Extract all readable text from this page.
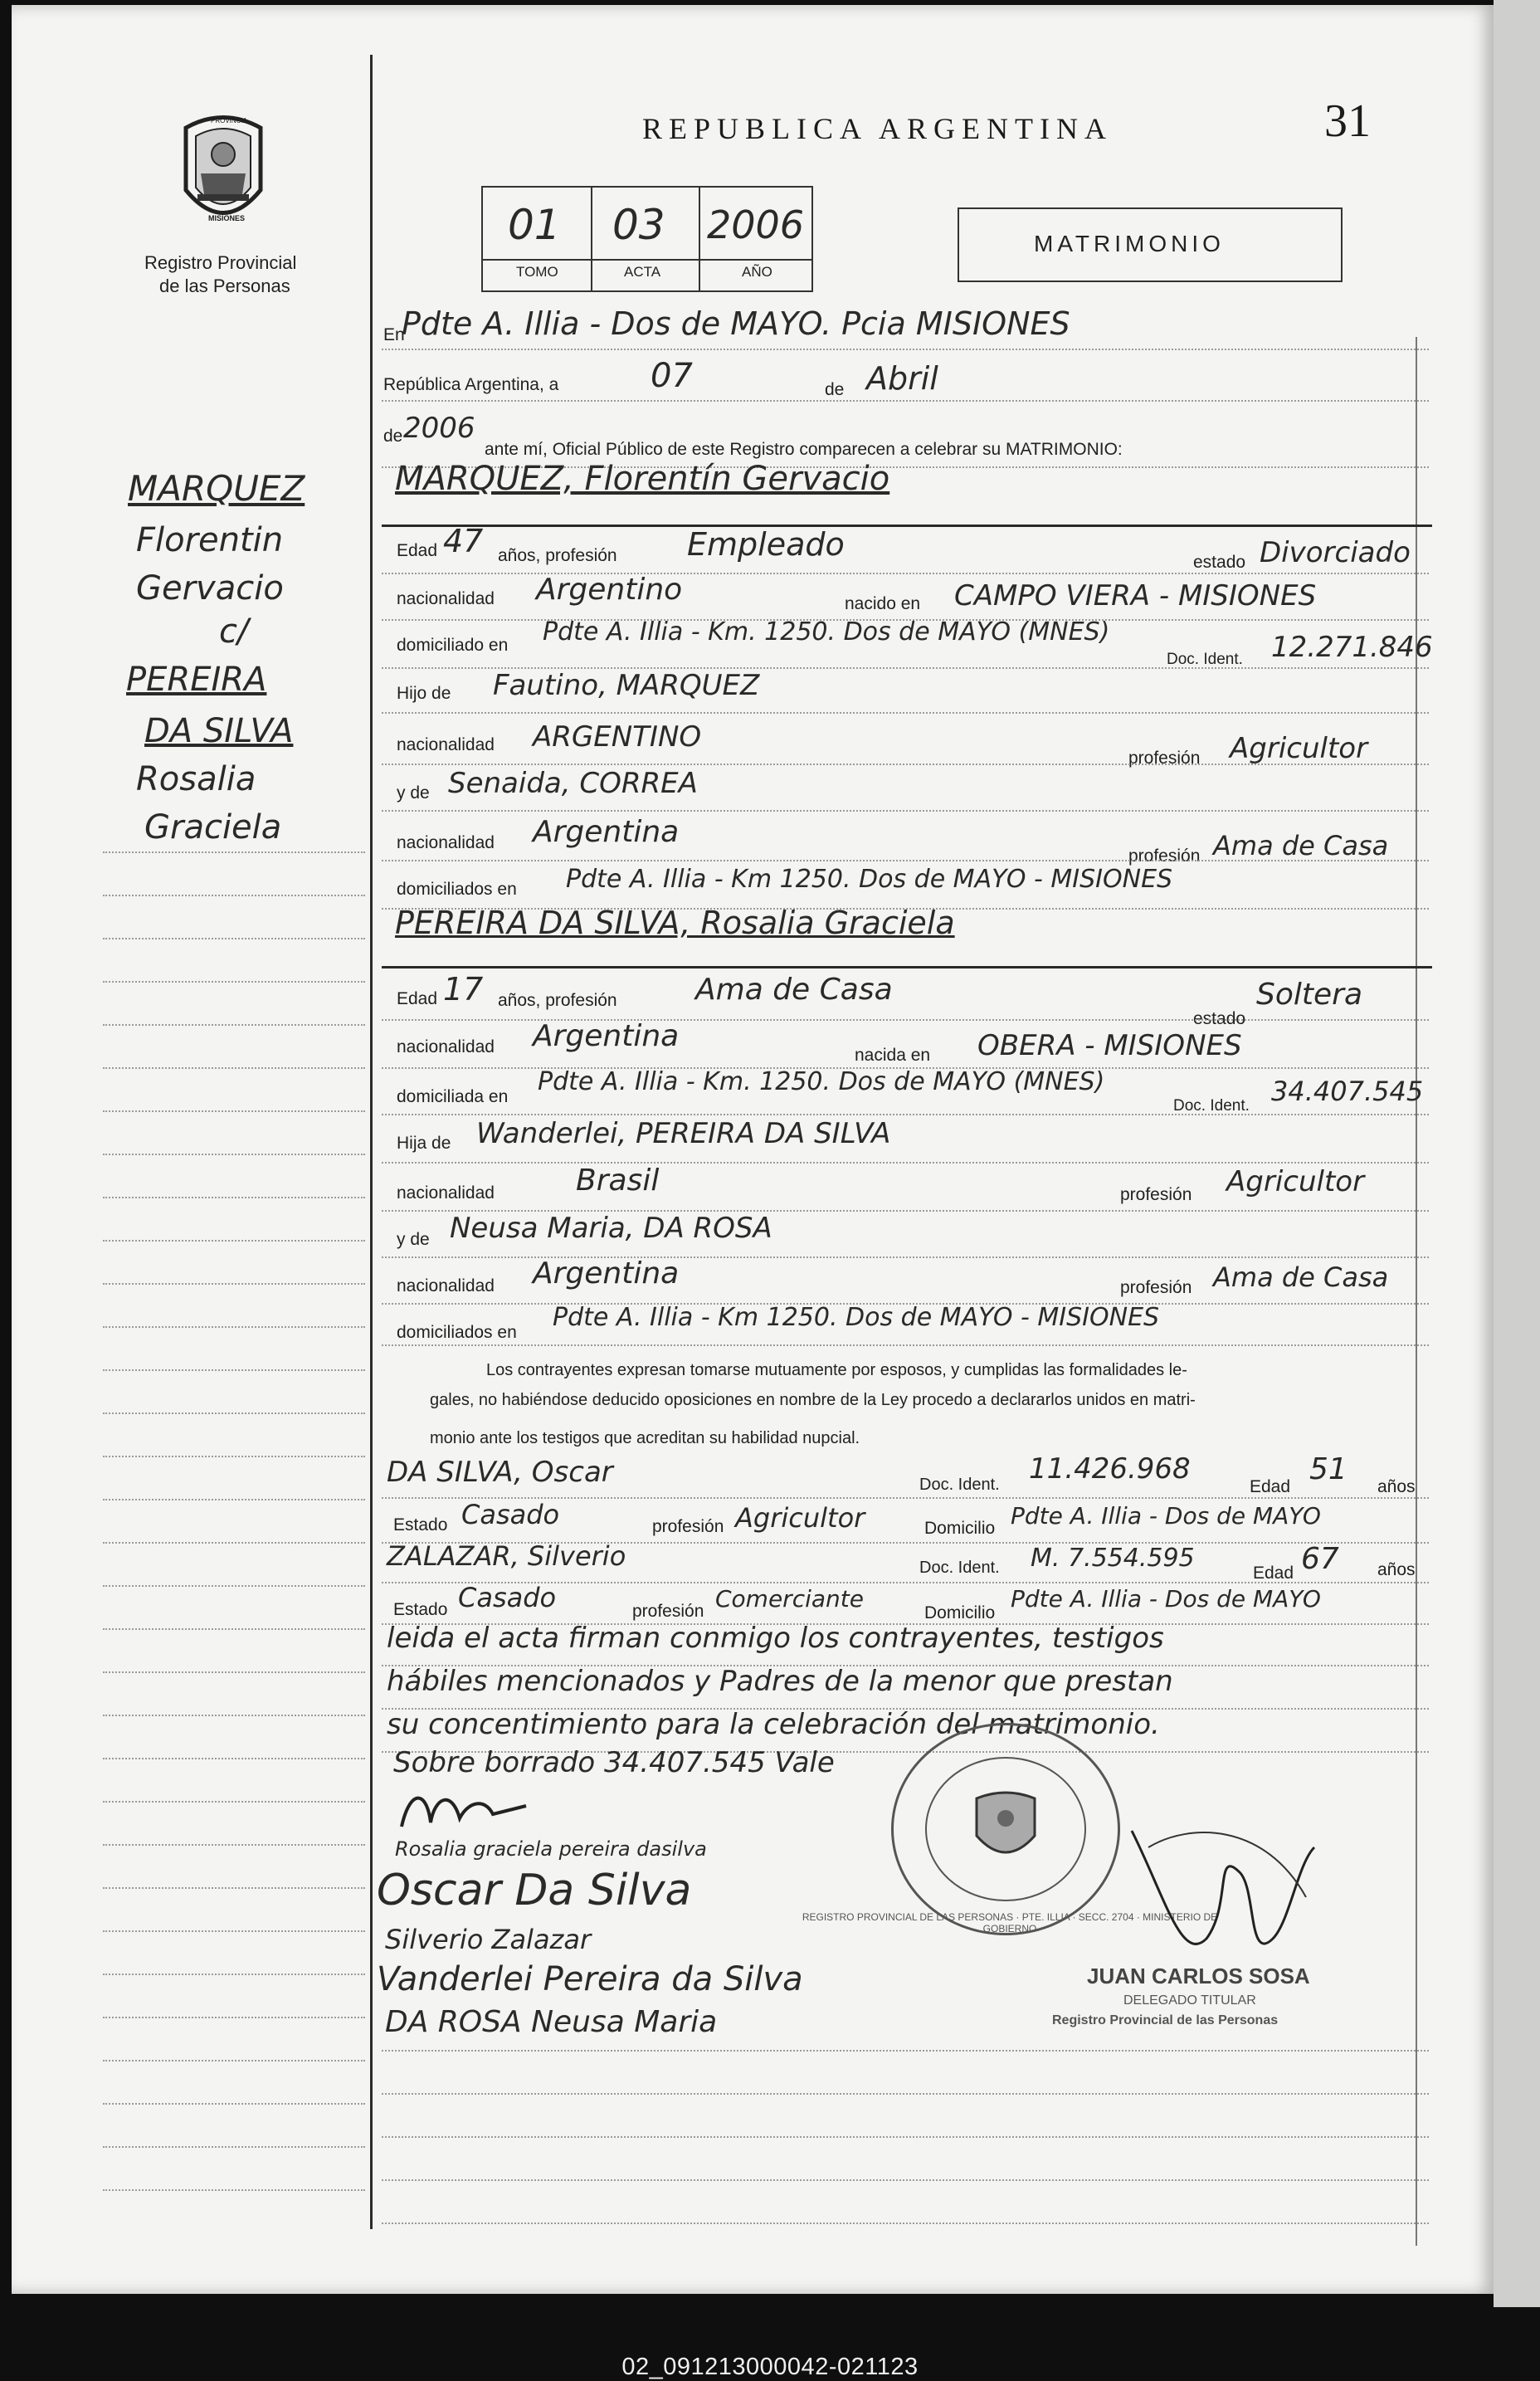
PROVINCIA
MISIONES
Registro Provincial
de las Personas
REPUBLICA ARGENTINA	31
01 03 2006
TOMO	ACTA	AÑO
MATRIMONIO
MARQUEZ
Florentin
Gervacio
c/
PEREIRA
DA SILVA
Rosalia
Graciela
En
Pdte A. Illia - Dos de MAYO. Pcia MISIONES
República Argentina, a	07	de Abril
de 2006
ante mí, Oficial Público de este Registro comparecen a celebrar su MATRIMONIO:
MARQUEZ, Florentín Gervacio
Edad 47 años, profesión Empleado	estado Divorciado
nacionalidad Argentino	nacido en CAMPO VIERA - MISIONES
domiciliado en Pdte A. Illia - Km. 1250. Dos de MAYO (MNES)
Doc. Ident. 12.271.846
Hijo de Fautino, MARQUEZ
nacionalidad ARGENTINO
profesión Agricultor
y de Senaida, CORREA
nacionalidad Argentina
profesión Ama de Casa
domiciliados en Pdte A. Illia - Km 1250. Dos de MAYO - MISIONES
PEREIRA DA SILVA, Rosalia Graciela
Edad 17 años, profesión	Ama de Casa
estado
Soltera
nacionalidad Argentina
nacida en OBERA - MISIONES
domiciliada en
Pdte A. Illia - Km. 1250. Dos de MAYO (MNES)
Doc. Ident. 34.407.545
Hija de Wanderlei, PEREIRA DA SILVA
nacionalidad	Brasil	profesión Agricultor
y de Neusa Maria, DA ROSA
nacionalidad Argentina	profesión Ama de Casa
domiciliados en
Pdte A. Illia - Km 1250. Dos de MAYO - MISIONES
Los contrayentes expresan tomarse mutuamente por esposos, y cumplidas las formalidades le-
gales, no habiéndose deducido oposiciones en nombre de la Ley procedo a declararlos unidos en matri-
monio ante los testigos que acreditan su habilidad nupcial.
DA SILVA, Oscar	Doc. Ident. 11.426.968
Edad
51
años
Estado Casado	profesión Agricultor	Domicilio Pdte A. Illia - Dos de MAYO
ZALAZAR, Silverio	Doc. Ident. M. 7.554.595
Edad 67 años
Estado Casado	profesión Comerciante
Domicilio
Pdte A. Illia - Dos de MAYO
leida el acta firman conmigo los contrayentes, testigos
hábiles mencionados y Padres de la menor que prestan
su concentimiento para la celebración del matrimonio.
Sobre borrado 34.407.545 Vale
Rosalia graciela pereira dasilva
Oscar Da Silva
Silverio Zalazar
Vanderlei Pereira da Silva
DA ROSA Neusa Maria
REGISTRO PROVINCIAL DE LAS PERSONAS · PTE. ILLIA · SECC. 2704 · MINISTERIO DE GOBIERNO
JUAN CARLOS SOSA
DELEGADO TITULAR
Registro Provincial de las Personas
02_091213000042-021123
